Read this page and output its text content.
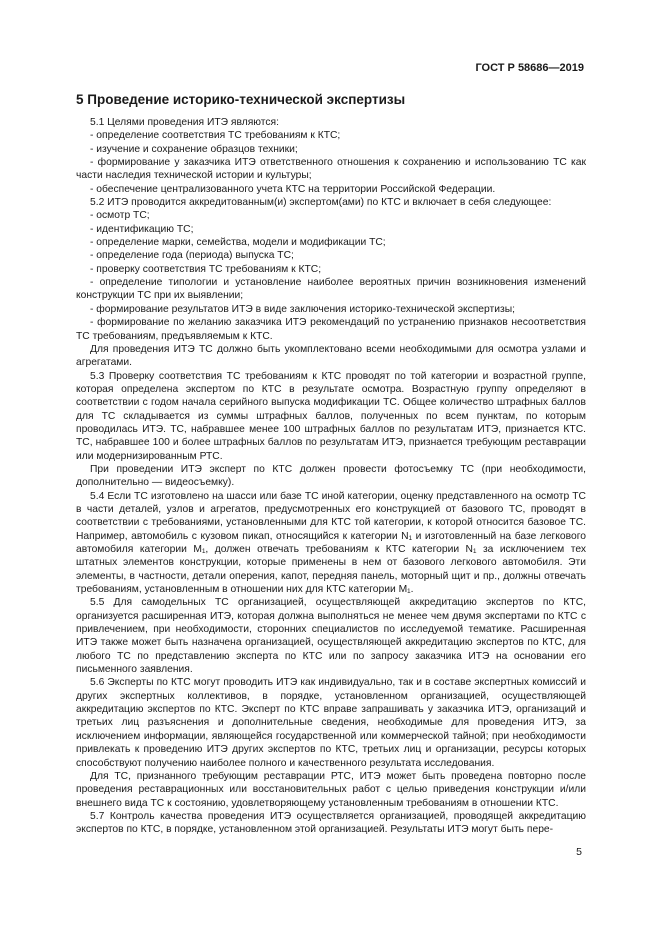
ГОСТ Р 58686—2019
5 Проведение историко-технической экспертизы

5.1 Целями проведения ИТЭ являются:

- определение соответствия ТС требованиям к КТС;

- изучение и сохранение образцов техники;

- формирование у заказчика ИТЭ ответственного отношения к сохранению и использованию ТС как части наследия технической истории и культуры;

- обеспечение централизованного учета КТС на территории Российской Федерации.

5.2 ИТЭ проводится аккредитованным(и) экспертом(ами) по КТС и включает в себя следующее:

- осмотр ТС;

- идентификацию ТС;

- определение марки, семейства, модели и модификации ТС;

- определение года (периода) выпуска ТС;

- проверку соответствия ТС требованиям к КТС;

- определение типологии и установление наиболее вероятных причин возникновения изменений конструкции ТС при их выявлении;

- формирование результатов ИТЭ в виде заключения историко-технической экспертизы;

- формирование по желанию заказчика ИТЭ рекомендаций по устранению признаков несоответствия ТС требованиям, предъявляемым к КТС.

Для проведения ИТЭ ТС должно быть укомплектовано всеми необходимыми для осмотра узлами и агрегатами.

5.3 Проверку соответствия ТС требованиям к КТС проводят по той категории и возрастной группе, которая определена экспертом по КТС в результате осмотра. Возрастную группу определяют в соответствии с годом начала серийного выпуска модификации ТС. Общее количество штрафных баллов для ТС складывается из суммы штрафных баллов, полученных по всем пунктам, по которым проводилась ИТЭ. ТС, набравшее менее 100 штрафных баллов по результатам ИТЭ, признается КТС. ТС, набравшее 100 и более штрафных баллов по результатам ИТЭ, признается требующим реставрации или модернизированным РТС.

При проведении ИТЭ эксперт по КТС должен провести фотосъемку ТС (при необходимости, дополнительно — видеосъемку).

5.4 Если ТС изготовлено на шасси или базе ТС иной категории, оценку представленного на осмотр ТС в части деталей, узлов и агрегатов, предусмотренных его конструкцией от базового ТС, проводят в соответствии с требованиями, установленными для КТС той категории, к которой относится базовое ТС. Например, автомобиль с кузовом пикап, относящийся к категории N₁ и изготовленный на базе легкового автомобиля категории M₁, должен отвечать требованиям к КТС категории N₁ за исключением тех штатных элементов конструкции, которые применены в нем от базового легкового автомобиля. Эти элементы, в частности, детали оперения, капот, передняя панель, моторный щит и пр., должны отвечать требованиям, установленным в отношении них для КТС категории M₁.

5.5 Для самодельных ТС организацией, осуществляющей аккредитацию экспертов по КТС, организуется расширенная ИТЭ, которая должна выполняться не менее чем двумя экспертами по КТС с привлечением, при необходимости, сторонних специалистов по исследуемой тематике. Расширенная ИТЭ также может быть назначена организацией, осуществляющей аккредитацию экспертов по КТС, для любого ТС по представлению эксперта по КТС или по запросу заказчика ИТЭ на основании его письменного заявления.

5.6 Эксперты по КТС могут проводить ИТЭ как индивидуально, так и в составе экспертных комиссий и других экспертных коллективов, в порядке, установленном организацией, осуществляющей аккредитацию экспертов по КТС. Эксперт по КТС вправе запрашивать у заказчика ИТЭ, организаций и третьих лиц разъяснения и дополнительные сведения, необходимые для проведения ИТЭ, за исключением информации, являющейся государственной или коммерческой тайной; при необходимости привлекать к проведению ИТЭ других экспертов по КТС, третьих лиц и организации, ресурсы которых способствуют получению наиболее полного и качественного результата исследования.

Для ТС, признанного требующим реставрации РТС, ИТЭ может быть проведена повторно после проведения реставрационных или восстановительных работ с целью приведения конструкции и/или внешнего вида ТС к состоянию, удовлетворяющему установленным требованиям в отношении КТС.

5.7 Контроль качества проведения ИТЭ осуществляется организацией, проводящей аккредитацию экспертов по КТС, в порядке, установленном этой организацией. Результаты ИТЭ могут быть пере-

5
